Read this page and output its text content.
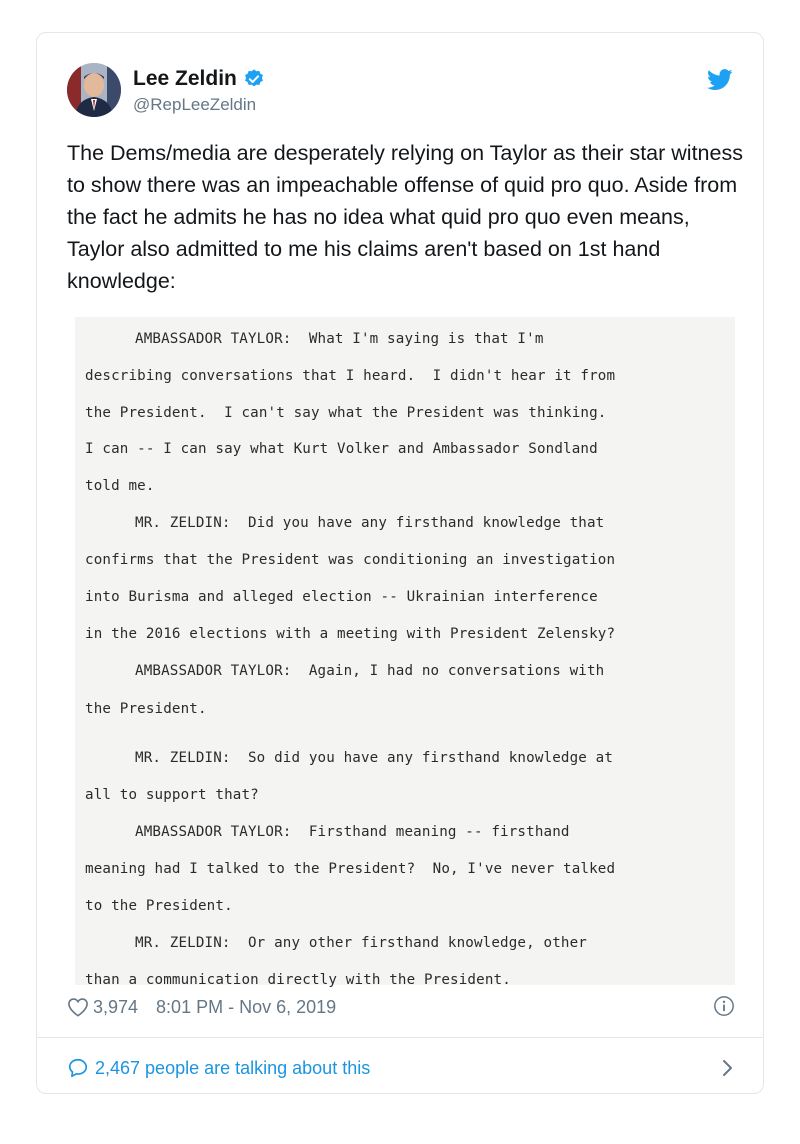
Lee Zeldin
@RepLeeZeldin
The Dems/media are desperately relying on Taylor as their star witness to show there was an impeachable offense of quid pro quo. Aside from the fact he admits he has no idea what quid pro quo even means, Taylor also admitted to me his claims aren't based on 1st hand knowledge:
AMBASSADOR TAYLOR:  What I'm saying is that I'm
describing conversations that I heard.  I didn't hear it from
the President.  I can't say what the President was thinking.
I can -- I can say what Kurt Volker and Ambassador Sondland
told me.
MR. ZELDIN:  Did you have any firsthand knowledge that
confirms that the President was conditioning an investigation
into Burisma and alleged election -- Ukrainian interference
in the 2016 elections with a meeting with President Zelensky?
AMBASSADOR TAYLOR:  Again, I had no conversations with
the President.
MR. ZELDIN:  So did you have any firsthand knowledge at
all to support that?
AMBASSADOR TAYLOR:  Firsthand meaning -- firsthand
meaning had I talked to the President?  No, I've never talked
to the President.
MR. ZELDIN:  Or any other firsthand knowledge, other
than a communication directly with the President.
3,974 8:01 PM - Nov 6, 2019
2,467 people are talking about this
